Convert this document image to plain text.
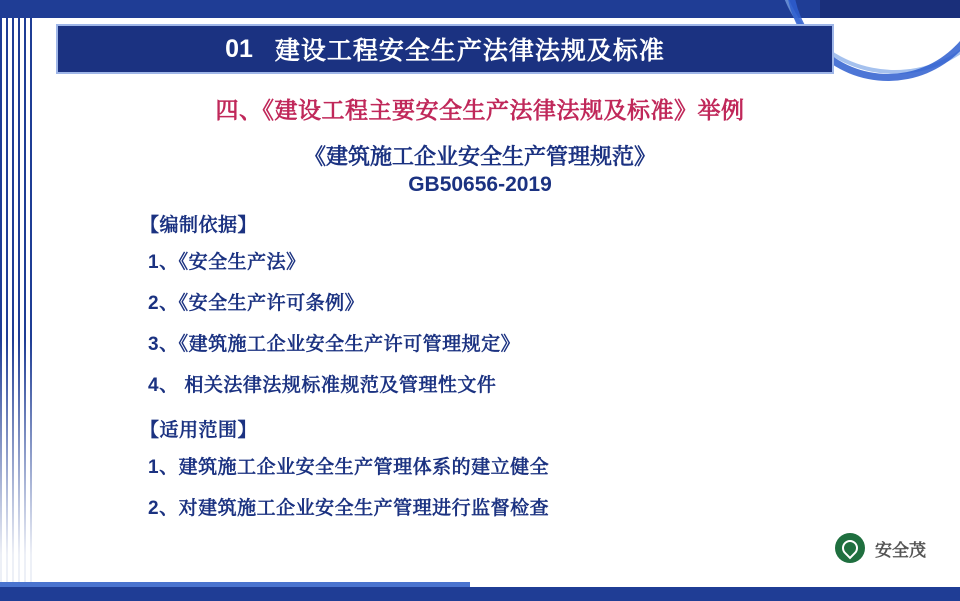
01 建设工程安全生产法律法规及标准
四、《建设工程主要安全生产法律法规及标准》举例
《建筑施工企业安全生产管理规范》
GB50656-2019
【编制依据】
1、《安全生产法》
2、《安全生产许可条例》
3、《建筑施工企业安全生产许可管理规定》
4、 相关法律法规标准规范及管理性文件
【适用范围】
1、建筑施工企业安全生产管理体系的建立健全
2、对建筑施工企业安全生产管理进行监督检查
安全茂
